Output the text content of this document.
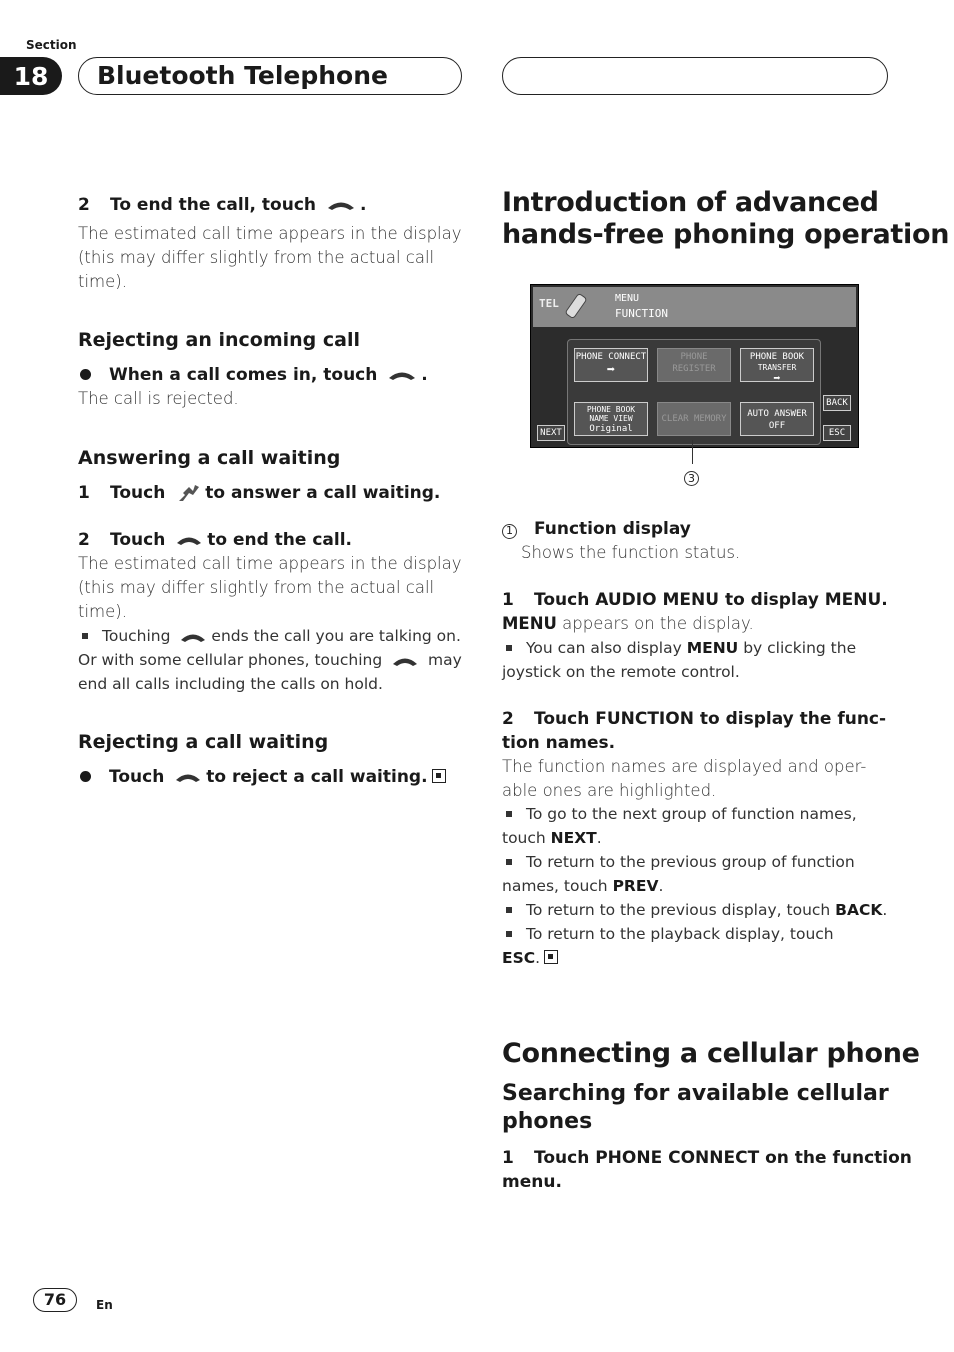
Section
18	Bluetooth Telephone
2 To end the call, touch	.
The estimated call time appears in the display
(this may differ slightly from the actual call
time).
Rejecting an incoming call
When a call comes in, touch	.
The call is rejected.
Answering a call waiting
1 Touch to answer a call waiting.
2 Touch to end the call.
The estimated call time appears in the display
(this may differ slightly from the actual call
time).
Touching	ends the call you are talking on.
Or with some cellular phones, touching	may
end all calls including the calls on hold.
Rejecting a call waiting
Touch to reject a call waiting.
Introduction of advanced
hands-free phoning operation
TEL	MENU
FUNCTION
PHONE CONNECT
➡
PHONE
REGISTER
PHONE BOOK
TRANSFER
➡
PHONE BOOK
NAME VIEW
Original
CLEAR MEMORY	AUTO ANSWER
OFF
NEXT
BACK
ESC
3
1 Function display
Shows the function status.
1 Touch AUDIO MENU to display MENU.
MENU appears on the display.
You can also display MENU by clicking the
joystick on the remote control.
2 Touch FUNCTION to display the func-
tion names.
The function names are displayed and oper-
able ones are highlighted.
To go to the next group of function names,
touch NEXT.
To return to the previous group of function
names, touch PREV.
To return to the previous display, touch BACK.
To return to the playback display, touch
ESC.
Connecting a cellular phone
Searching for available cellular
phones
1 Touch PHONE CONNECT on the function
menu.
76	En
